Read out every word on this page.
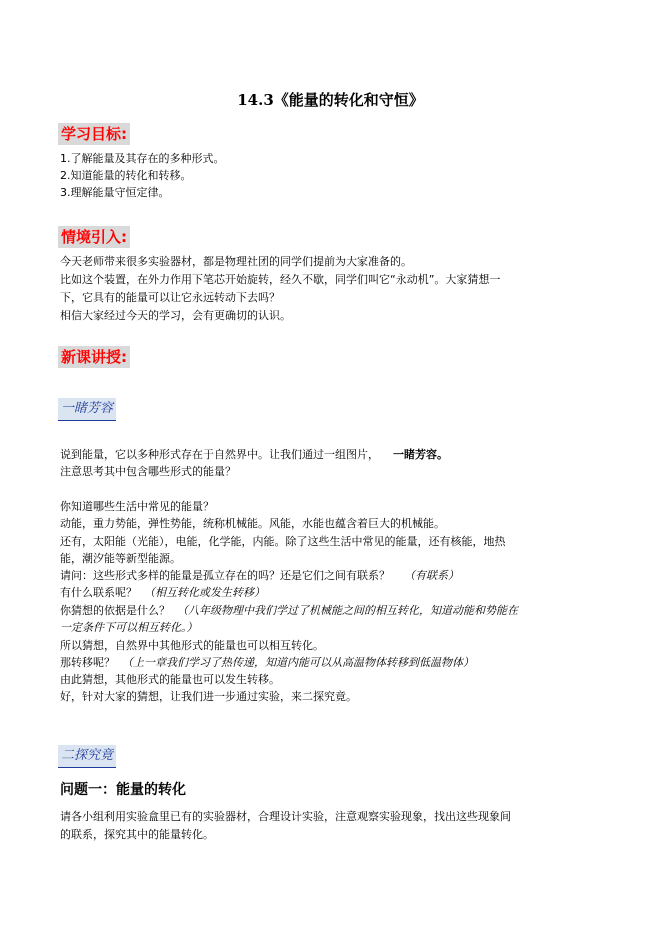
14.3《能量的转化和守恒》
学习目标:
1.了解能量及其存在的多种形式。
2.知道能量的转化和转移。
3.理解能量守恒定律。
情境引入:
今天老师带来很多实验器材，都是物理社团的同学们提前为大家准备的。
比如这个装置，在外力作用下笔芯开始旋转，经久不歇，同学们叫它“永动机”。大家猜想一
下，它具有的能量可以让它永远转动下去吗？
相信大家经过今天的学习，会有更确切的认识。
新课讲授:
一睹芳容
说到能量，它以多种形式存在于自然界中。让我们通过一组图片， 一睹芳容。
注意思考其中包含哪些形式的能量？
你知道哪些生活中常见的能量？
动能，重力势能，弹性势能，统称机械能。风能，水能也蕴含着巨大的机械能。
还有，太阳能（光能），电能，化学能，内能。除了这些生活中常见的能量，还有核能，地热
能，潮汐能等新型能源。
请问：这些形式多样的能量是孤立存在的吗？还是它们之间有联系？ （有联系）
有什么联系呢？ （相互转化或发生转移）
你猜想的依据是什么？ （八年级物理中我们学过了机械能之间的相互转化，知道动能和势能在
一定条件下可以相互转化。）
所以猜想，自然界中其他形式的能量也可以相互转化。
那转移呢？ （上一章我们学习了热传递，知道内能可以从高温物体转移到低温物体）
由此猜想，其他形式的能量也可以发生转移。
好，针对大家的猜想，让我们进一步通过实验，来二探究竟。
二探究竟
问题一：能量的转化
请各小组利用实验盒里已有的实验器材，合理设计实验，注意观察实验现象，找出这些现象间
的联系，探究其中的能量转化。
